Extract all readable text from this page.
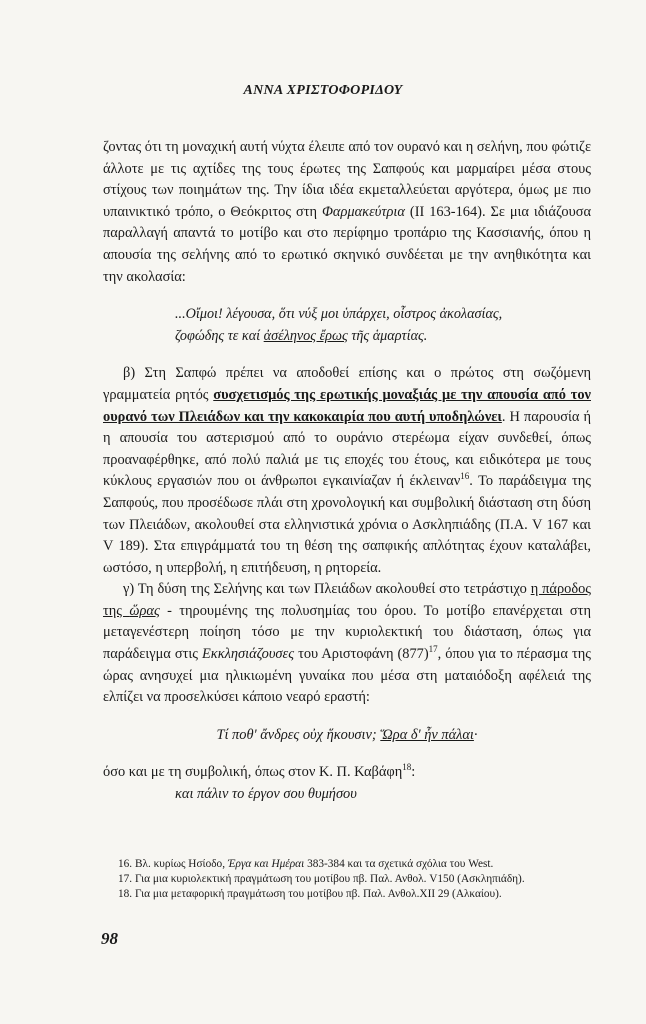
ΑΝΝΑ ΧΡΙΣΤΟΦΟΡΙΔΟΥ

ζοντας ότι τη μοναχική αυτή νύχτα έλειπε από τον ουρανό και η σελήνη, που φώτιζε άλλοτε με τις αχτίδες της τους έρωτες της Σαπφούς και μαρμαίρει μέσα στους στίχους των ποιημάτων της. Την ίδια ιδέα εκμεταλλεύεται αργότερα, όμως με πιο υπαινικτικό τρόπο, ο Θεόκριτος στη Φαρμακεύτρια (ΙΙ 163-164). Σε μια ιδιάζουσα παραλλαγή απαντά το μοτίβο και στο περίφημο τροπάριο της Κασσιανής, όπου η απουσία της σελήνης από το ερωτικό σκηνικό συνδέεται με την ανηθικότητα και την ακολασία:

...Οἴμοι! λέγουσα, ὅτι νύξ μοι ὑπάρχει, οἶστρος ἀκολασίας,
ζοφώδης τε καί ἀσέληνος ἔρως τῆς ἁμαρτίας.

β) Στη Σαπφώ πρέπει να αποδοθεί επίσης και ο πρώτος στη σωζόμενη γραμματεία ρητός συσχετισμός της ερωτικής μοναξιάς με την απουσία από τον ουρανό των Πλειάδων και την κακοκαιρία που αυτή υποδηλώνει. Η παρουσία ή η απουσία του αστερισμού από το ουράνιο στερέωμα είχαν συνδεθεί, όπως προαναφέρθηκε, από πολύ παλιά με τις εποχές του έτους, και ειδικότερα με τους κύκλους εργασιών που οι άνθρωποι εγκαινίαζαν ή έκλειναν$^{16}$. Το παράδειγμα της Σαπφούς, που προσέδωσε πλάι στη χρονολογική και συμβολική διάσταση στη δύση των Πλειάδων, ακολουθεί στα ελληνιστικά χρόνια ο Ασκληπιάδης (Π.Α. V 167 και V 189). Στα επιγράμματά του τη θέση της σαπφικής απλότητας έχουν καταλάβει, ωστόσο, η υπερβολή, η επιτήδευση, η ρητορεία.

γ) Τη δύση της Σελήνης και των Πλειάδων ακολουθεί στο τετράστιχο η πάροδος της ὥρας - τηρουμένης της πολυσημίας του όρου. Το μοτίβο επανέρχεται στη μεταγενέστερη ποίηση τόσο με την κυριολεκτική του διάσταση, όπως για παράδειγμα στις Εκκλησιάζουσες του Αριστοφάνη $(877)^{17}$, όπου για το πέρασμα της ώρας ανησυχεί μια ηλικιωμένη γυναίκα που μέσα στη ματαιόδοξη αφέλειά της ελπίζει να προσελκύσει κάποιο νεαρό εραστή:

Τί ποθ' ἄνδρες οὐχ ἥκουσιν; Ὥρα δ' ἦν πάλαι·

όσο και με τη συμβολική, όπως στον Κ. Π. Καβάφη$^{18}$:

και πάλιν το έργον σου θυμήσου
16. Βλ. κυρίως Ησίοδο, Έργα και Ημέραι 383-384 και τα σχετικά σχόλια του West.
17. Για μια κυριολεκτική πραγμάτωση του μοτίβου πβ. Παλ. Ανθολ. V150 (Ασκληπιάδη).
18. Για μια μεταφορική πραγμάτωση του μοτίβου πβ. Παλ. Ανθολ.XII 29 (Αλκαίου).
98
